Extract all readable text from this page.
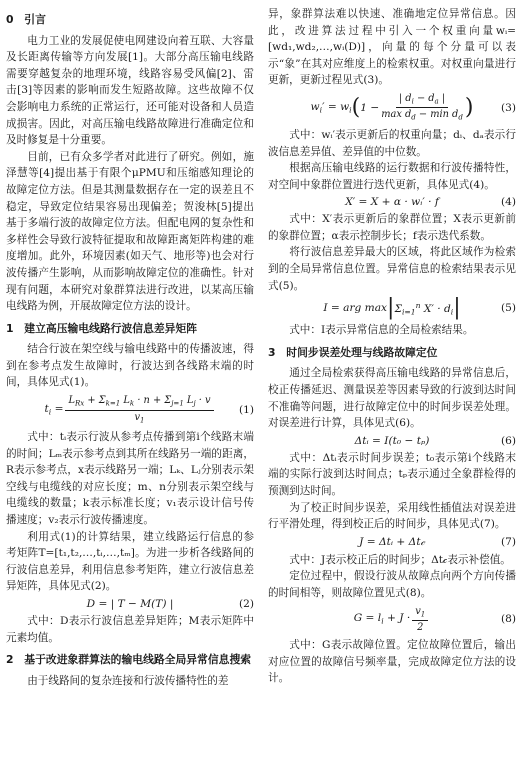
0　引言

电力工业的发展促使电网建设向着互联、大容量及长距离传输等方向发展[1]。大部分高压输电线路需要穿越复杂的地理环境，线路容易受风偏[2]、雷击[3]等因素的影响而发生短路故障。这些故障不仅会影响电力系统的正常运行，还可能对设备和人员造成损害。因此，对高压输电线路故障进行准确定位和及时修复是十分重要。

目前，已有众多学者对此进行了研究。例如，施泽慧等[4]提出基于有限个μPMU和压缩感知理论的故障定位方法。但是其测量数据存在一定的误差且不稳定，导致定位结果容易出现偏差；贺浚林[5]提出基于多端行波的故障定位方法。但配电网的复杂性和多样性会导致行波特征提取和故障距离矩阵构建的难度增加。此外，环境因素(如天气、地形等)也会对行波传播产生影响，从而影响故障定位的准确性。针对现有问题，本研究对象群算法进行改进，以某高压输电线路为例，开展故障定位方法的设计。

1　建立高压输电线路行波信息差异矩阵

结合行波在架空线与输电线路中的传播波速，得到在参考点发生故障时，行波达到各线路末端的时间，具体见式(1)。

$t_i = \frac{L_{Rx} + \Sigma_{k=1} L_k \cdot n + \Sigma_{j=1} L_j \cdot v}{v_1} (1)$

式中：tᵢ表示行波从参考点传播到第i个线路末端的时间；Lₘ表示参考点到其所在线路另一端的距离，R表示参考点，x表示线路另一端；Lₖ、Lⱼ分别表示架空线与电缆线的对应长度；m、n分别表示架空线与电缆线的数量；k表示标准长度；v₁表示设计信号传播速度；v₂表示行波传播速度。

利用式(1)的计算结果，建立线路运行信息的参考矩阵T=[t₁,t₂,…,tᵢ,…,tₘ]。为进一步析各线路间的行波信息差异，利用信息参考矩阵，建立行波信息差异矩阵，具体见式(2)。

D = | T − M(T) |	(2)

式中：D表示行波信息差异矩阵；M表示矩阵中元素均值。

2　基于改进象群算法的输电线路全局异常信息搜索

由于线路间的复杂连接和行波传播特性的差

异，象群算法难以快速、准确地定位异常信息。因此，改进算法过程中引入一个权重向量wᵢ=[wd₁,wd₂,…,wᵢ(D)]，向量的每个分量可以表示“象”在其对应维度上的检索权重。对权重向量进行更新，更新过程见式(3)。

$w_i' = w_i$ ( $1 - \frac{| d_i - d_a |}{\max d_d - \min d_d}$ )	(3)

式中：wᵢ′表示更新后的权重向量；dᵢ、dₐ表示行波信息差异值、差异值的中位数。

根据高压输电线路的运行数据和行波传播特性，对空间中象群位置进行迭代更新，具体见式(4)。

X′ = X + α · wᵢ′ · f	(4)

式中：X′表示更新后的象群位置；X表示更新前的象群位置；α表示控制步长；f表示迭代系数。

将行波信息差异最大的区域，将此区域作为检索到的全局异常信息位置。异常信息的检索结果表示见式(5)。

I = arg max | $\Sigma_{i=1}^n$ $X' \cdot d_i$ |	(5)

式中：I表示异常信息的全局检索结果。

3　时间步误差处理与线路故障定位

通过全局检索获得高压输电线路的异常信息后，校正传播延迟、测量误差等因素导致的行波到达时间不准确等问题，进行故障定位中的时间步误差处理。对误差进行计算，具体见式(6)。

Δtᵢ = I(t₀ − tₚ)	(6)

式中：Δtᵢ表示时间步误差；t₀表示第i个线路末端的实际行波到达时间点；tₚ表示通过全象群检得的预测到达时间。

为了校正时间步误差，采用线性插值法对误差进行平滑处理，得到校正后的时间步，具体见式(7)。

J = Δtᵢ + Δt𝒸	(7)

式中：J表示校正后的时间步；Δt𝒸表示补偿值。

定位过程中，假设行波从故障点向两个方向传播的时间相等，则故障位置见式(8)。

$G = l_i + J \cdot \frac{v_1}{2}$	(8)

式中：G表示故障位置。定位故障位置后，输出对应位置的故障信号频率量，完成故障定位方法的设计。
